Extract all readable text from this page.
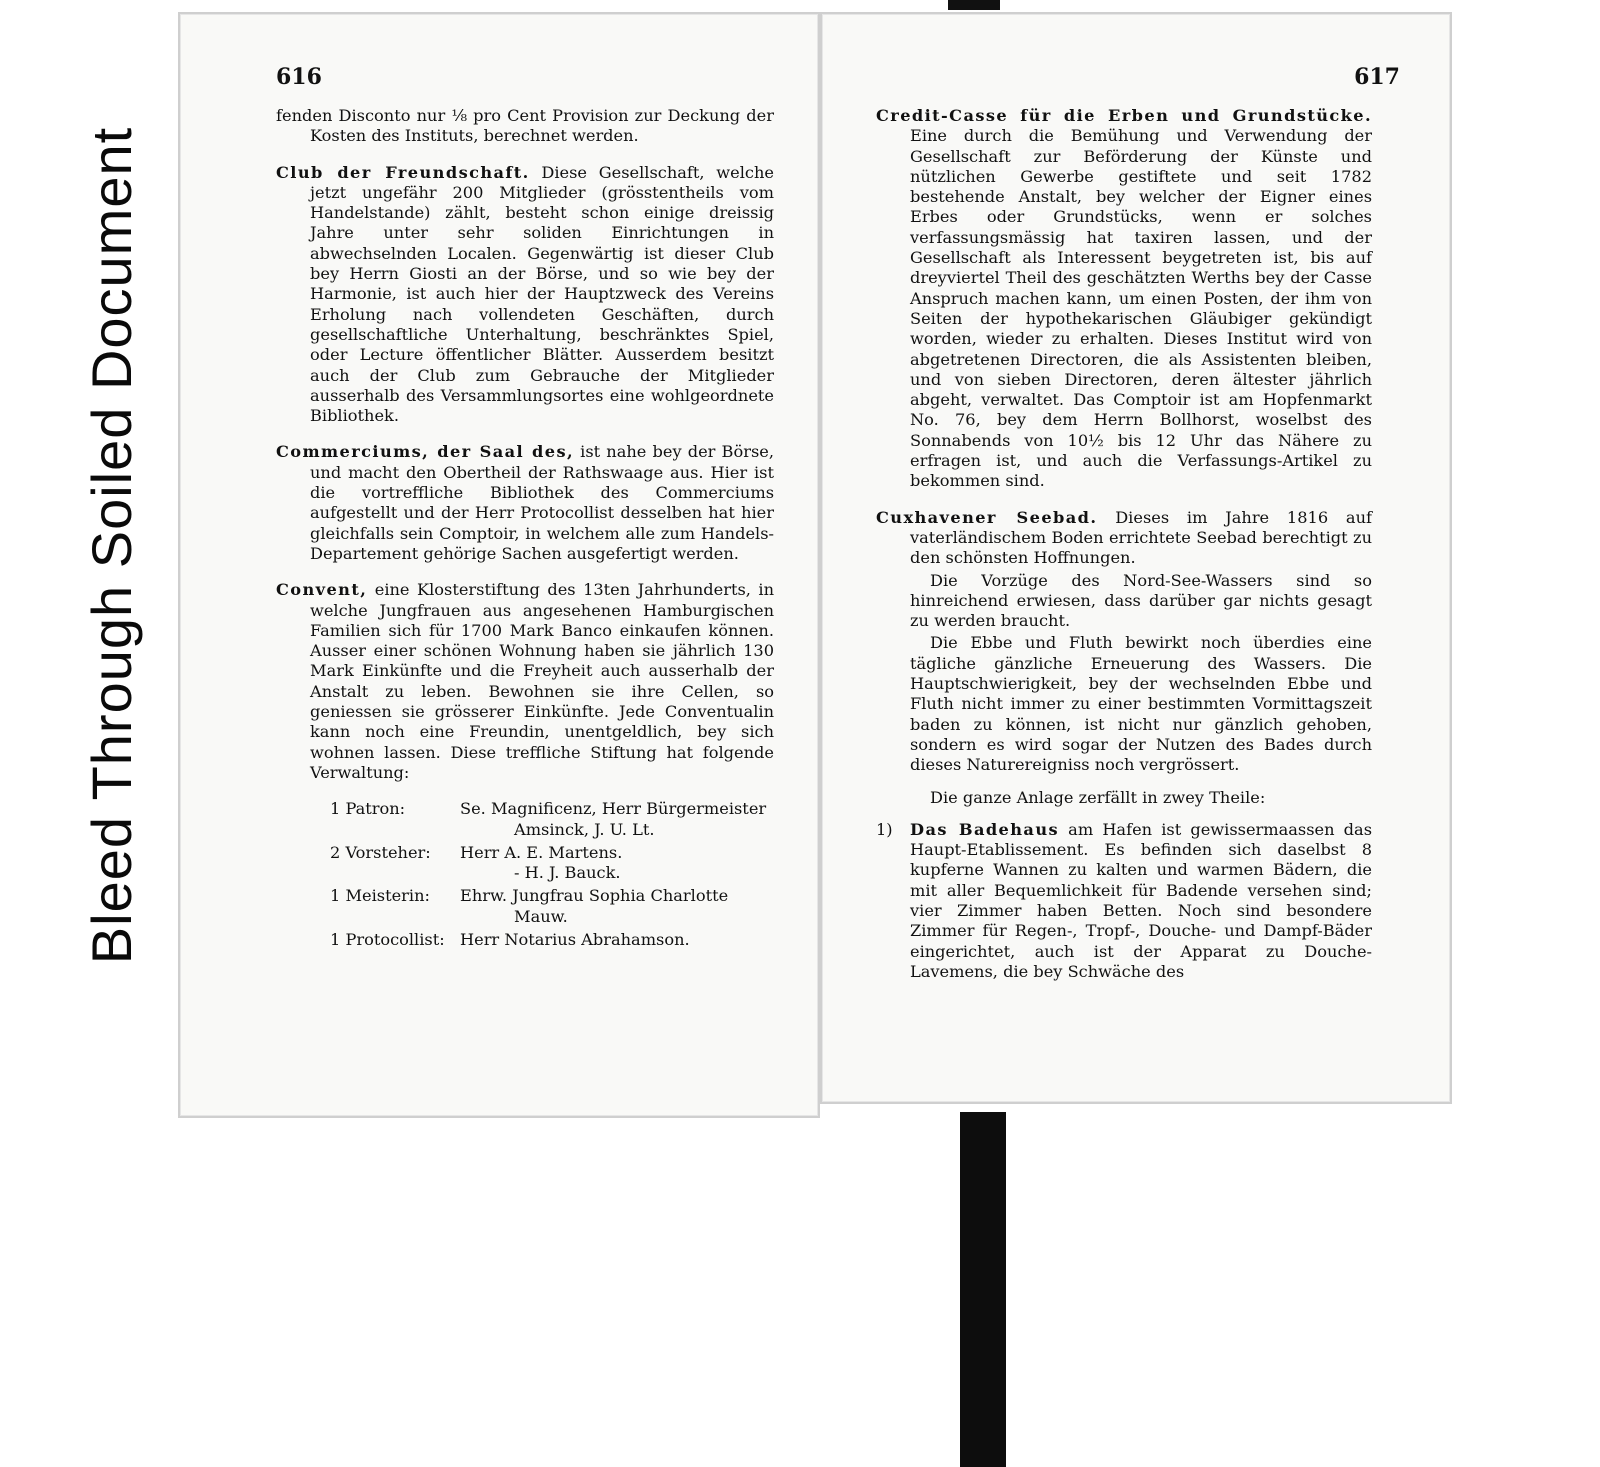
Bleed Through Soiled Document
616
fenden Disconto nur ⅛ pro Cent Provision zur Deckung der Kosten des Instituts, berechnet werden.
Club der Freundschaft. Diese Gesellschaft, welche jetzt ungefähr 200 Mitglieder (grösstentheils vom Handelstande) zählt, besteht schon einige dreissig Jahre unter sehr soliden Einrichtungen in abwechselnden Localen. Gegenwärtig ist dieser Club bey Herrn Giosti an der Börse, und so wie bey der Harmonie, ist auch hier der Hauptzweck des Vereins Erholung nach vollendeten Geschäften, durch gesellschaftliche Unterhaltung, beschränktes Spiel, oder Lecture öffentlicher Blätter. Ausserdem besitzt auch der Club zum Gebrauche der Mitglieder ausserhalb des Versammlungsortes eine wohlgeordnete Bibliothek.
Commerciums, der Saal des, ist nahe bey der Börse, und macht den Obertheil der Rathswaage aus. Hier ist die vortreffliche Bibliothek des Commerciums aufgestellt und der Herr Protocollist desselben hat hier gleichfalls sein Comptoir, in welchem alle zum Handels-Departement gehörige Sachen ausgefertigt werden.
Convent, eine Klosterstiftung des 13ten Jahrhunderts, in welche Jungfrauen aus angesehenen Hamburgischen Familien sich für 1700 Mark Banco einkaufen können. Ausser einer schönen Wohnung haben sie jährlich 130 Mark Einkünfte und die Freyheit auch ausserhalb der Anstalt zu leben. Bewohnen sie ihre Cellen, so geniessen sie grösserer Einkünfte. Jede Conventualin kann noch eine Freundin, unentgeldlich, bey sich wohnen lassen. Diese treffliche Stiftung hat folgende Verwaltung:
1 Patron:	Se. Magnificenz, Herr Bürgermeister
Amsinck, J. U. Lt.
2 Vorsteher:	Herr A. E. Martens.
- H. J. Bauck.
1 Meisterin:	Ehrw. Jungfrau Sophia Charlotte
Mauw.
1 Protocollist: Herr Notarius Abrahamson.
617
Credit-Casse für die Erben und Grundstücke. Eine durch die Bemühung und Verwendung der Gesellschaft zur Beförderung der Künste und nützlichen Gewerbe gestiftete und seit 1782 bestehende Anstalt, bey welcher der Eigner eines Erbes oder Grundstücks, wenn er solches verfassungsmässig hat taxiren lassen, und der Gesellschaft als Interessent beygetreten ist, bis auf dreyviertel Theil des geschätzten Werths bey der Casse Anspruch machen kann, um einen Posten, der ihm von Seiten der hypothekarischen Gläubiger gekündigt worden, wieder zu erhalten. Dieses Institut wird von abgetretenen Directoren, die als Assistenten bleiben, und von sieben Directoren, deren ältester jährlich abgeht, verwaltet. Das Comptoir ist am Hopfenmarkt No. 76, bey dem Herrn Bollhorst, woselbst des Sonnabends von 10½ bis 12 Uhr das Nähere zu erfragen ist, und auch die Verfassungs-Artikel zu bekommen sind.
Cuxhavener Seebad. Dieses im Jahre 1816 auf vaterländischem Boden errichtete Seebad berechtigt zu den schönsten Hoffnungen.
Die Vorzüge des Nord-See-Wassers sind so hinreichend erwiesen, dass darüber gar nichts gesagt zu werden braucht.
Die Ebbe und Fluth bewirkt noch überdies eine tägliche gänzliche Erneuerung des Wassers. Die Hauptschwierigkeit, bey der wechselnden Ebbe und Fluth nicht immer zu einer bestimmten Vormittagszeit baden zu können, ist nicht nur gänzlich gehoben, sondern es wird sogar der Nutzen des Bades durch dieses Naturereigniss noch vergrössert.
Die ganze Anlage zerfällt in zwey Theile:
1)	Das Badehaus am Hafen ist gewissermaassen das Haupt-Etablissement. Es befinden sich daselbst 8 kupferne Wannen zu kalten und warmen Bädern, die mit aller Bequemlichkeit für Badende versehen sind; vier Zimmer haben Betten. Noch sind besondere Zimmer für Regen-, Tropf-, Douche- und Dampf-Bäder eingerichtet, auch ist der Apparat zu Douche-Lavemens, die bey Schwäche des
